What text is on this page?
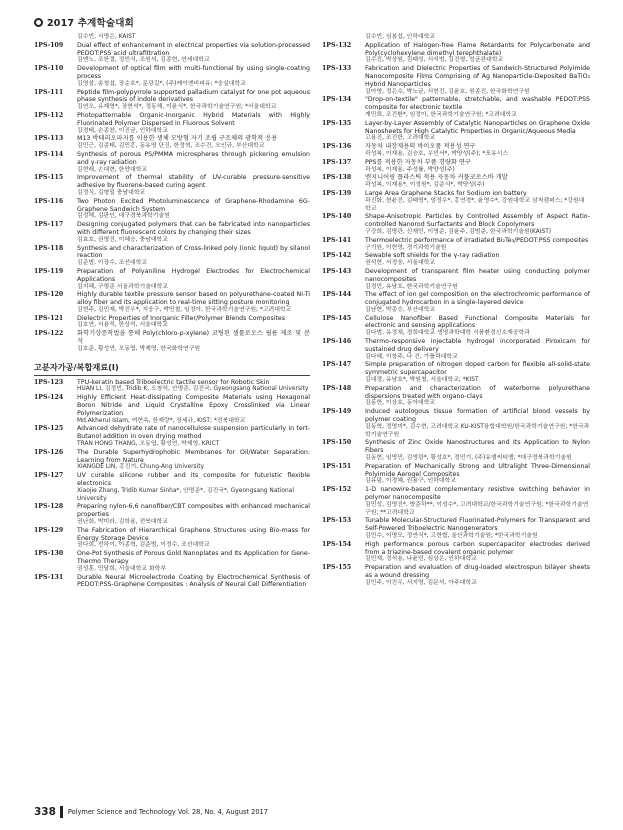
2017 추계학술대회
김수빈, 서명은, KAIST
1PS-109	Dual effect of enhancement in electrical properties via solution-processed PEDOT:PSS acid ultrafiltration
김엔노, 조한결, 정민식, 조원석, 김종현, 연세대학교
1PS-110	Development of optical film with multi-functional by using single-coating process
김영삼, 송청섭, 장순호*, 문광길*, (주)케이엔비피유; *숭실대학교
1PS-111	Peptide film-polypyrrole supported palladium catalyst for one pot aqueous phase synthesis of indole derivatives
김연오, 유제영*, 장현석*, 정동해, 이윤식*, 한국과학기술연구원; *서울대학교
1PS-112	Photopatternable Organic-Inorganic Hybrid Materials with Highly Fluorinated Polymer Dispersed in Fluorous Solvent
김경태, 손종찬, 이진균, 인하대학교
1PS-113	M13 박테리오파지를 이용한 생체 모방형 자기 조립 구조체의 광학적 응용
김민근, 김종태, 김민홍, 동유명 단진, 한정혁, 조수진, 오인규, 부산대학교
1PS-114	Synthesis of porous PS/PMMA microspheres through pickering emulsion and γ-ray radiation
김현래, 손대현, 한양대학교
1PS-115	Improvement of thermal stability of UV-curable pressure-sensitive adhesive by fluorene-based curing agent
김정식, 김형일 충남대학교
1PS-116	Two Photon Excited Photoluminescence of Graphene-Rhodamine 6G-Graphene Sandwich System
김정해, 김판인, 대구경북과학기술원
1PS-117	Designing conjugated polymers that can be fabricated into nanoparticles with different fluorescent colors by changing their sizes
김효호, 권영진, 이혜승, 충남대학교
1PS-118	Synthesis and characterization of Cross-linked poly (ionic liquid) by silanol reaction
김준범, 이장수, 조선대학교
1PS-119	Preparation of Polyaniline Hydrogel Electrodes for Electrochemical Applications
김지혜, 구형준 서울과학기술대학교
1PS-120	Highly durable textile pressure sensor based on polyurethane-coated Ni-Ti alloy fiber and its application to real-time sitting posture monitoring
김현주, 김민재, 박진우*, 지웅구, 박민철, 임정아, 한국과학기술연구원; *고려대학교
1PS-121	Dielectric Properties of Inorganic Filler/Polymer Blends Composites
김호연, 서용석, 한상석, 서울대학교
1PS-122	화학기상증착법을 통해 Poly(chloro-p-xylene) 코팅된 셀룰로오스 필름 제조 및 분석
김호준, 황성연, 오동엽, 박제영, 한국화학연구원
고분자가공/복합재료(I)
1PS-123	TPU-keratin based Triboelectric tactile sensor for Robotic Skin
HUAN LI, 김정민, Tridib K, 오창석, 안명준, 김진국, Gyeongsang National University
1PS-124	Highly Efficient Heat-dissipating Composite Materials using Hexagonal Boron Nitride and Liquid Crystalline Epoxy Crosslinked via Linear Polymerization
Md.Akherul Islam, 여현옥, 한재량*, 장세규, KIST; *전북대학교
1PS-125	Advanced dehydrate rate of nanocellulose suspension particularly in tert-Butanol addition in oven drying method
TRAN HONG THANG, 오동엽, 황성연, 박제영, KRICT
1PS-126	The Durable Superhydrophobic Membranes for Oil/Water Separation: Learning from Nature
XIANGDE LIN, 홍진기, Chung-Ang University
1PS-127	UV curable silicone rubber and its composite for futuristic flexible electronics
Xiaojie Zhang, Tridib Kumar Sinha*, 안명준*, 김진국*, Gyeongsang National University
1PS-128	Preparing nylon-6,6 nanofiber/CBT composites with enhanced mechanical properties
권난희, 박미라, 김학용, 전북대학교
1PS-129	The Fabrication of Hierarchical Graphene Structures using Bio-mass for Energy Storage Device
권다희, 전하이, 이종혁, 김준범, 이정수, 조선대학교
1PS-130	One-Pot Synthesis of Porous Gold Nanoplates and Its Application for Gene-Thermo Therapy
권성훈, 민달희, 서울대학교 화학부
1PS-131	Durable Neural Microelectrode Coating by Electrochemical Synthesis of PEDOT:PSS-Graphene Composites : Analysis of Neural Cell Differentiation
김수빈, 심봉섭, 인하대학교
1PS-132	Application of Halogen-free Flame Retardants for Polycarbonate and Poly(cyclohexylene dimethyl terephthalate)
김수진, 박상원, 김태성, 서석범, 김진형, 성균관대학교
1PS-133	Fabrication and Dielectric Properties of Sandwich-Structured Polyimide Nanocomposite Films Comprising of Ag Nanoparticle-Deposited BaTiO₃ Hybrid Nanoparticles
김아영, 정은수, 박노균, 서현진, 김윤호, 원종진, 한국화학연구원
1PS-134	"Drop-on-textile" patternable, stretchable, and washable PEDOT:PSS composite for electronic textile
계민희, 조진환*, 임정아, 한국과학기술연구원; *고려대학교
1PS-135	Layer-by-Layer Assembly of Catalytic Nanoparticles on Graphene Oxide Nanosheets for High Catalytic Properties in Organic/Aqueous Media
고용진, 조진한, 고려대학교
1PS-136	자동차 내장재용의 바이오품 적용성 연구
곽성복, 이재용, 김승호, 우민서*, 박양성(주); *포유시스
1PS-137	PPS를 적용한 자동차 부품 경량화 연구
곽성복, 이재용, 주성률, 박양성(주)
1PS-138	엔지니어링 플라스틱 적용 자동차 커플코로스바 개발
곽성복, 이재용*, 이정원*, 김준식*, 박양성(주)
1PS-139	Large Area Graphene Stacks for Sodium ion battery
곽진화, 현윤진, 김태영*, 엄정우*, 홍연경*, 윤영수*, 강원대학교 삼척캠퍼스; *강원대학교
1PS-140	Shape-Anisotropic Particles by Controlled Assembly of Aspect Ratio-controlled Nanorod Surfactants and Block Copolymers
구강희, 김명관, 신재민, 이명준, 김윤주, 김범준, 한국과학기술원(KAIST)
1PS-141	Thermoelectric performance of irradiated Bi₂Te₃/PEDOT:PSS composites
구기원, 이현영, 경기과학기술원
1PS-142	Sewable soft shields for the γ-ray radiation
권석현, 서정웅, 서울대학교
1PS-143	Development of transparent film heater using conducting polymer nanocomposites
김경민, 유남호, 한국과학기술연구원
1PS-144	The effect of ion gel composition on the electrochromic performance of conjugated hydrocarbon in a single-layered device
김남현, 박종승, 부산대학교
1PS-145	Cellulose Nanofiber Based Functional Composite Materials for electronic and sensing applications
김다범, 유정채, 경희대학교 생명과학대학 식품환경신소재공학과
1PS-146	Thermo-responsive injectable hydrogel incorporated Piroxicam for sustained drug delivery
김다혜, 이창주, 나 건, 가톨릭대학교
1PS-147	Simple preparation of nitrogen doped carbon for flexible all-solid-state symmetric supercapacitor
김대경, 유남호*, 박원철, 서울대학교; *KIST
1PS-148	Preparation and characterization of waterborne polyurethane dispersions treated with organo-clays
김동현, 이상호, 동아대학교
1PS-149	Induced autologous tissue formation of artificial blood vessels by polymer coating
김동혁, 정영미*, 김수현, 고려대학교 KU-KIST융합대학원/한국과학기술연구원; *한국과학기술연구원
1PS-150	Synthesis of Zinc Oxide Nanostructures and Its Application to Nylon Fibers
김동현, 임영민, 김영광*, 황성호*, 정민기, (주)유엠씨티엠; *대구경북과학기술원
1PS-151	Preparation of Mechanically Strong and Ultralight Three-Dimensional Polyimide Aerogel Composites
김유림, 이경혜, 권용구, 인하대학교
1PS-152	1-D nanowire-based complementary resistive switching behavior in polymer nanocomposite
김민성, 김영진*, 방준하**, 이성수*, 고려대학교/한국과학기술연구원; *한국과학기술연구원; **고려대학교
1PS-153	Tunable Molecular-Structured Fluorinated-Polymers for Transparent and Self-Powered Triboelectric Nanogenerators
김민수, 이명모, 정연식*, 고현협, 울산과학기술원; *한국과학기술원
1PS-154	High performance porous carbon supercapacitor electrodes derived from a triazine-based covalent organic polymer
김민재, 정석용, 나윤민, 심상은, 인하대학교
1PS-155	Preparation and evaluation of drug-loaded electrospun bilayer sheets as a wound dressing
김민주, 이진우, 서지영, 김문석, 아주대학교
338 Polymer Science and Technology Vol. 28, No. 4, August 2017
